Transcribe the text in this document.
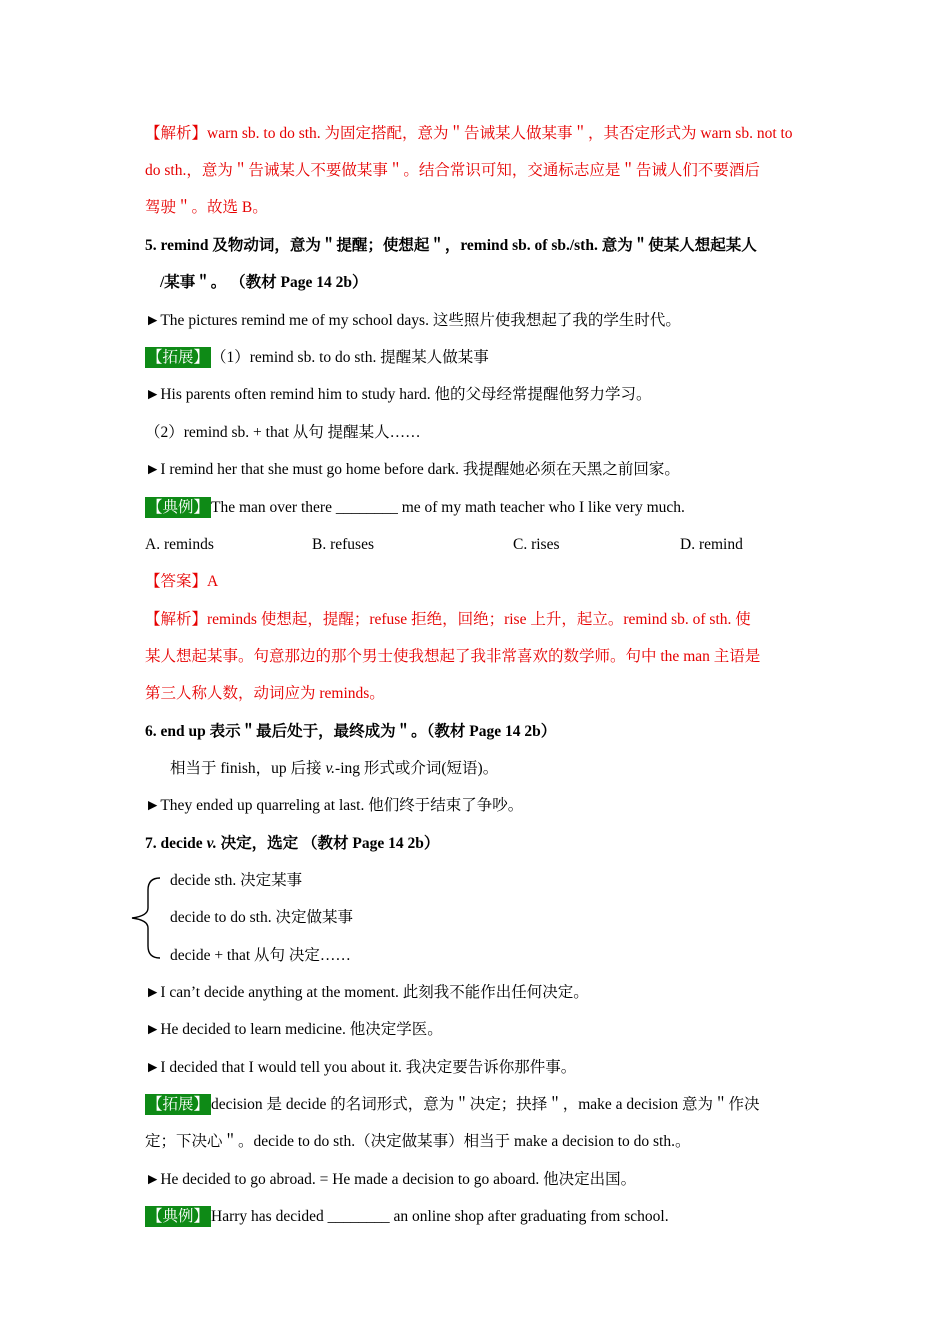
【解析】warn sb. to do sth. 为固定搭配，意为＂告诫某人做某事＂，其否定形式为 warn sb. not to
do sth.，意为＂告诫某人不要做某事＂。结合常识可知，交通标志应是＂告诫人们不要酒后
驾驶＂。故选 B。
5. remind 及物动词，意为＂提醒；使想起＂，remind sb. of sb./sth. 意为＂使某人想起某人
/某事＂。 （教材 Page 14 2b）
►The pictures remind me of my school days. 这些照片使我想起了我的学生时代。
【拓展】 （1）remind sb. to do sth. 提醒某人做某事
►His parents often remind him to study hard. 他的父母经常提醒他努力学习。
（2）remind sb. + that 从句 提醒某人……
►I remind her that she must go home before dark. 我提醒她必须在天黑之前回家。
【典例】 The man over there ________ me of my math teacher who I like very much.
A. reminds	B. refuses	C. rises	D. remind
【答案】A
【解析】reminds 使想起，提醒；refuse 拒绝，回绝；rise 上升，起立。remind sb. of sth. 使
某人想起某事。句意那边的那个男士使我想起了我非常喜欢的数学师。句中 the man 主语是
第三人称人数，动词应为 reminds。
6. end up 表示＂最后处于，最终成为＂。（教材 Page 14 2b）
相当于 finish，up 后接 v.-ing 形式或介词(短语)。
►They ended up quarreling at last. 他们终于结束了争吵。
7. decide v. 决定，选定 （教材 Page 14 2b）
decide sth. 决定某事
decide to do sth. 决定做某事
decide + that 从句 决定……
►I can’t decide anything at the moment. 此刻我不能作出任何决定。
►He decided to learn medicine. 他决定学医。
►I decided that I would tell you about it. 我决定要告诉你那件事。
【拓展】 decision 是 decide 的名词形式，意为＂决定；抉择＂，make a decision 意为＂作决
定；下决心＂。decide to do sth.（决定做某事）相当于 make a decision to do sth.。
►He decided to go abroad. = He made a decision to go aboard. 他决定出国。
【典例】 Harry has decided ________ an online shop after graduating from school.
